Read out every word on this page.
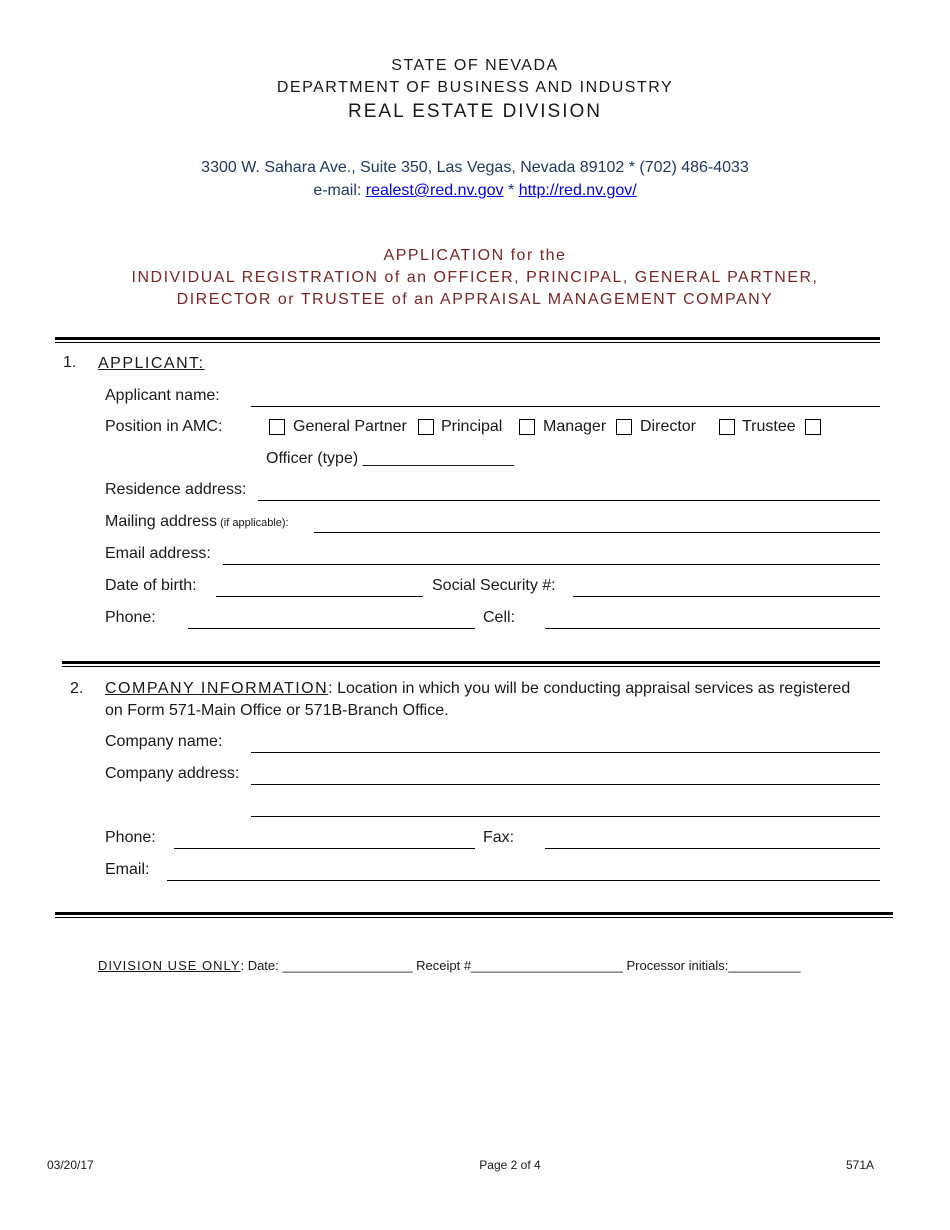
STATE OF NEVADA
DEPARTMENT OF BUSINESS AND INDUSTRY
REAL ESTATE DIVISION
3300 W. Sahara Ave., Suite 350, Las Vegas, Nevada 89102 * (702) 486-4033
e-mail: realest@red.nv.gov * http://red.nv.gov/
APPLICATION for the
INDIVIDUAL REGISTRATION of an OFFICER, PRINCIPAL, GENERAL PARTNER,
DIRECTOR or TRUSTEE of an APPRAISAL MANAGEMENT COMPANY
1. APPLICANT:
Applicant name:
Position in AMC:	General Partner Principal	Manager Director	Trustee
Officer (type) _________________
Residence address:
Mailing address (if applicable):
Email address:
Date of birth:	Social Security #:
Phone:	Cell:
2. COMPANY INFORMATION: Location in which you will be conducting appraisal services as registered
on Form 571-Main Office or 571B-Branch Office.
Company name:
Company address:
Phone:	Fax:
Email:
DIVISION USE ONLY: Date: __________________ Receipt #_____________________ Processor initials:__________
03/20/17	Page 2 of 4	571A
